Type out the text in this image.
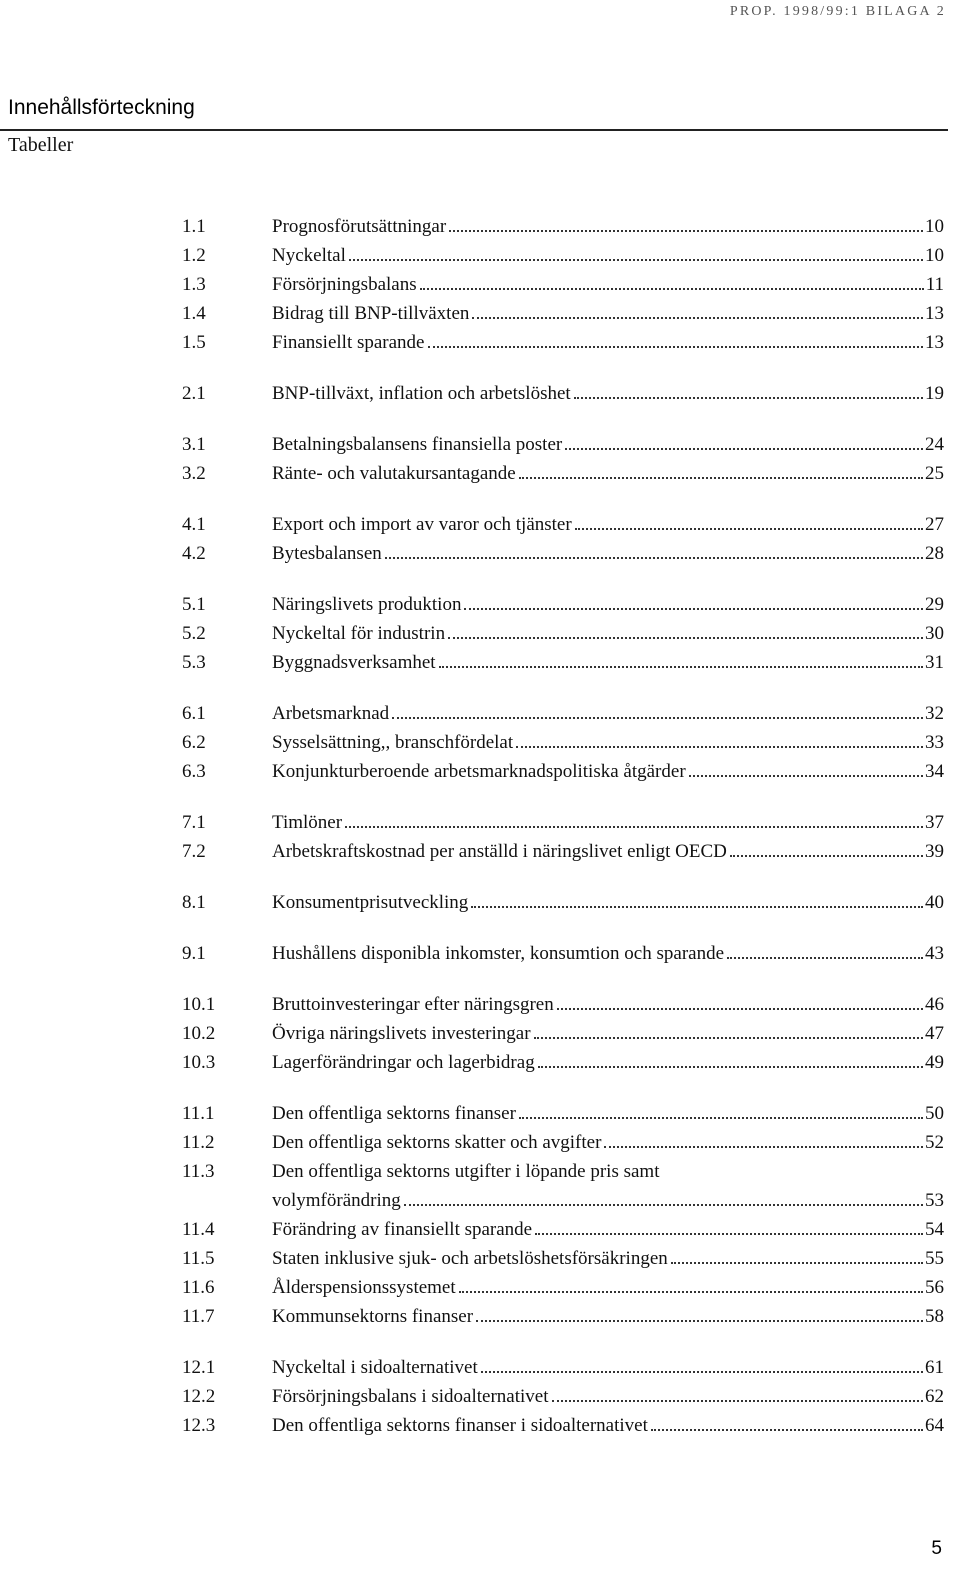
PROP. 1998/99:1 BILAGA 2
Innehållsförteckning
Tabeller
1.1	Prognosförutsättningar	10
1.2	Nyckeltal	10
1.3	Försörjningsbalans	11
1.4	Bidrag till BNP-tillväxten	13
1.5	Finansiellt sparande	13
2.1	BNP-tillväxt, inflation och arbetslöshet	19
3.1	Betalningsbalansens finansiella poster	24
3.2	Ränte- och valutakursantagande	25
4.1	Export och import av varor och tjänster	27
4.2	Bytesbalansen	28
5.1	Näringslivets produktion	29
5.2	Nyckeltal för industrin	30
5.3	Byggnadsverksamhet	31
6.1	Arbetsmarknad	32
6.2	Sysselsättning,, branschfördelat	33
6.3	Konjunkturberoende arbetsmarknadspolitiska åtgärder	34
7.1	Timlöner	37
7.2	Arbetskraftskostnad per anställd i näringslivet enligt OECD	39
8.1	Konsumentprisutveckling	40
9.1	Hushållens disponibla inkomster, konsumtion och sparande	43
10.1	Bruttoinvesteringar efter näringsgren	46
10.2	Övriga näringslivets investeringar	47
10.3	Lagerförändringar och lagerbidrag	49
11.1	Den offentliga sektorns finanser	50
11.2	Den offentliga sektorns skatter och avgifter	52
11.3	Den offentliga sektorns utgifter i löpande pris samt
volymförändring	53
11.4	Förändring av finansiellt sparande	54
11.5	Staten inklusive sjuk- och arbetslöshetsförsäkringen	55
11.6	Ålderspensionssystemet	56
11.7	Kommunsektorns finanser	58
12.1	Nyckeltal i sidoalternativet	61
12.2	Försörjningsbalans i sidoalternativet	62
12.3	Den offentliga sektorns finanser i sidoalternativet	64
5
